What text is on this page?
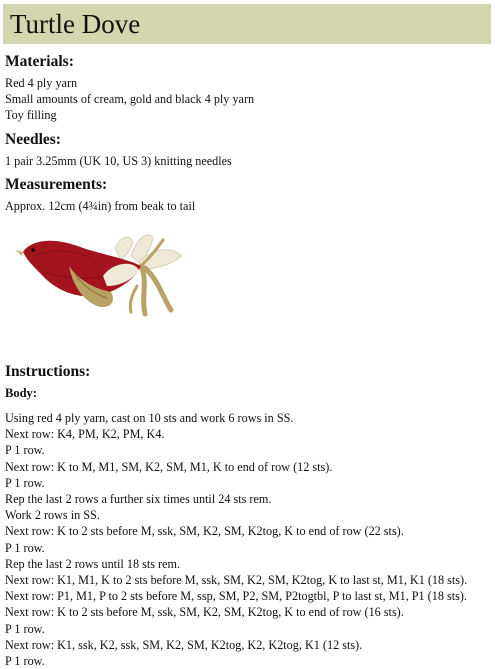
Turtle Dove
Materials:
Red 4 ply yarn
Small amounts of cream, gold and black 4 ply yarn
Toy filling
Needles:
1 pair 3.25mm (UK 10, US 3) knitting needles
Measurements:
Approx. 12cm (4¾in) from beak to tail
Instructions:
Body:
Using red 4 ply yarn, cast on 10 sts and work 6 rows in SS.
Next row: K4, PM, K2, PM, K4.
P 1 row.
Next row: K to M, M1, SM, K2, SM, M1, K to end of row (12 sts).
P 1 row.
Rep the last 2 rows a further six times until 24 sts rem.
Work 2 rows in SS.
Next row: K to 2 sts before M, ssk, SM, K2, SM, K2tog, K to end of row (22 sts).
P 1 row.
Rep the last 2 rows until 18 sts rem.
Next row: K1, M1, K to 2 sts before M, ssk, SM, K2, SM, K2tog, K to last st, M1, K1 (18 sts).
Next row: P1, M1, P to 2 sts before M, ssp, SM, P2, SM, P2togtbl, P to last st, M1, P1 (18 sts).
Next row: K to 2 sts before M, ssk, SM, K2, SM, K2tog, K to end of row (16 sts).
P 1 row.
Next row: K1, ssk, K2, ssk, SM, K2, SM, K2tog, K2, K2tog, K1 (12 sts).
P 1 row.
